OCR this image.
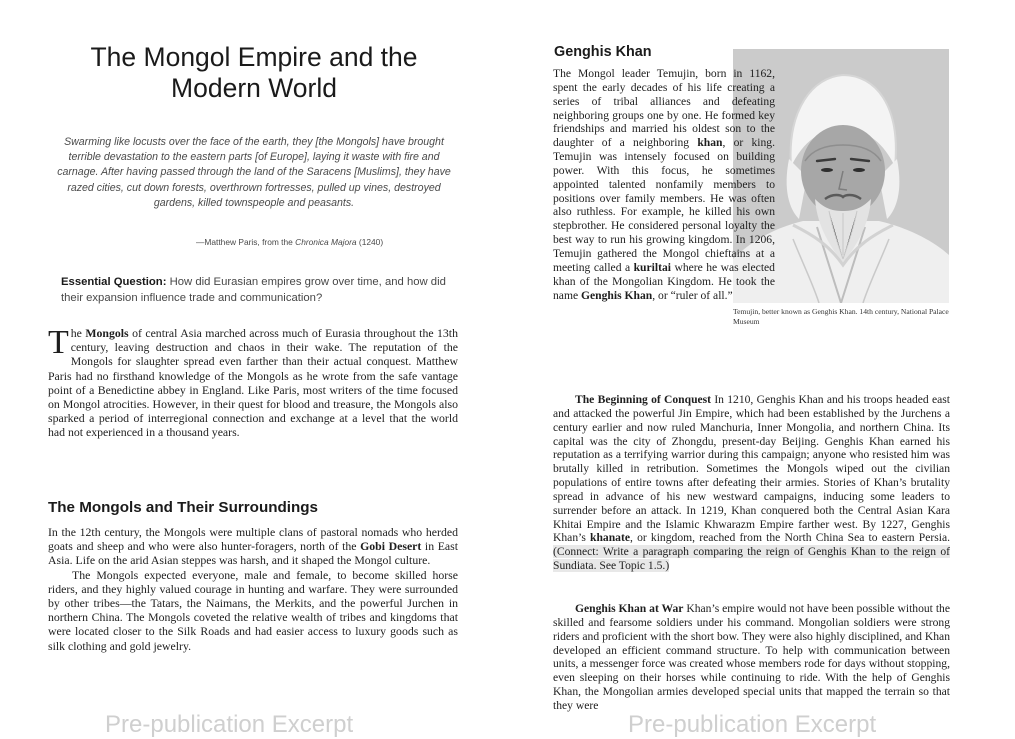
The Mongol Empire and the Modern World

Swarming like locusts over the face of the earth, they [the Mongols] have brought terrible devastation to the eastern parts [of Europe], laying it waste with fire and carnage. After having passed through the land of the Saracens [Muslims], they have razed cities, cut down forests, overthrown fortresses, pulled up vines, destroyed gardens, killed townspeople and peasants.

—Matthew Paris, from the Chronica Majora (1240)

Essential Question: How did Eurasian empires grow over time, and how did their expansion influence trade and communication?

The Mongols of central Asia marched across much of Eurasia throughout the 13th century, leaving destruction and chaos in their wake. The reputation of the Mongols for slaughter spread even farther than their actual conquest. Matthew Paris had no firsthand knowledge of the Mongols as he wrote from the safe vantage point of a Benedictine abbey in England. Like Paris, most writers of the time focused on Mongol atrocities. However, in their quest for blood and treasure, the Mongols also sparked a period of interregional connection and exchange at a level that the world had not experienced in a thousand years.

The Mongols and Their Surroundings

In the 12th century, the Mongols were multiple clans of pastoral nomads who herded goats and sheep and who were also hunter-foragers, north of the Gobi Desert in East Asia. Life on the arid Asian steppes was harsh, and it shaped the Mongol culture.

The Mongols expected everyone, male and female, to become skilled horse riders, and they highly valued courage in hunting and warfare. They were surrounded by other tribes—the Tatars, the Naimans, the Merkits, and the powerful Jurchen in northern China. The Mongols coveted the relative wealth of tribes and kingdoms that were located closer to the Silk Roads and had easier access to luxury goods such as silk clothing and gold jewelry.

Pre-publication Excerpt

Genghis Khan

Temujin, better known as Genghis Khan. 14th century, National Palace Museum

The Mongol leader Temujin, born in 1162, spent the early decades of his life creating a series of tribal alliances and defeating neighboring groups one by one. He formed key friendships and married his oldest son to the daughter of a neighboring khan, or king. Temujin was intensely focused on building power. With this focus, he sometimes appointed talented nonfamily members to positions over family members. He was often also ruthless. For example, he killed his own stepbrother. He considered personal loyalty the best way to run his growing kingdom. In 1206, Temujin gathered the Mongol chieftains at a meeting called a kuriltai where he was elected khan of the Mongolian Kingdom. He took the name Genghis Khan, or “ruler of all.”

The Beginning of Conquest In 1210, Genghis Khan and his troops headed east and attacked the powerful Jin Empire, which had been established by the Jurchens a century earlier and now ruled Manchuria, Inner Mongolia, and northern China. Its capital was the city of Zhongdu, present-day Beijing. Genghis Khan earned his reputation as a terrifying warrior during this campaign; anyone who resisted him was brutally killed in retribution. Sometimes the Mongols wiped out the civilian populations of entire towns after defeating their armies. Stories of Khan’s brutality spread in advance of his new westward campaigns, inducing some leaders to surrender before an attack. In 1219, Khan conquered both the Central Asian Kara Khitai Empire and the Islamic Khwarazm Empire farther west. By 1227, Genghis Khan’s khanate, or kingdom, reached from the North China Sea to eastern Persia. (Connect: Write a paragraph comparing the reign of Genghis Khan to the reign of Sundiata. See Topic 1.5.)

Genghis Khan at War Khan’s empire would not have been possible without the skilled and fearsome soldiers under his command. Mongolian soldiers were strong riders and proficient with the short bow. They were also highly disciplined, and Khan developed an efficient command structure. To help with communication between units, a messenger force was created whose members rode for days without stopping, even sleeping on their horses while continuing to ride. With the help of Genghis Khan, the Mongolian armies developed special units that mapped the terrain so that they were

Pre-publication Excerpt
